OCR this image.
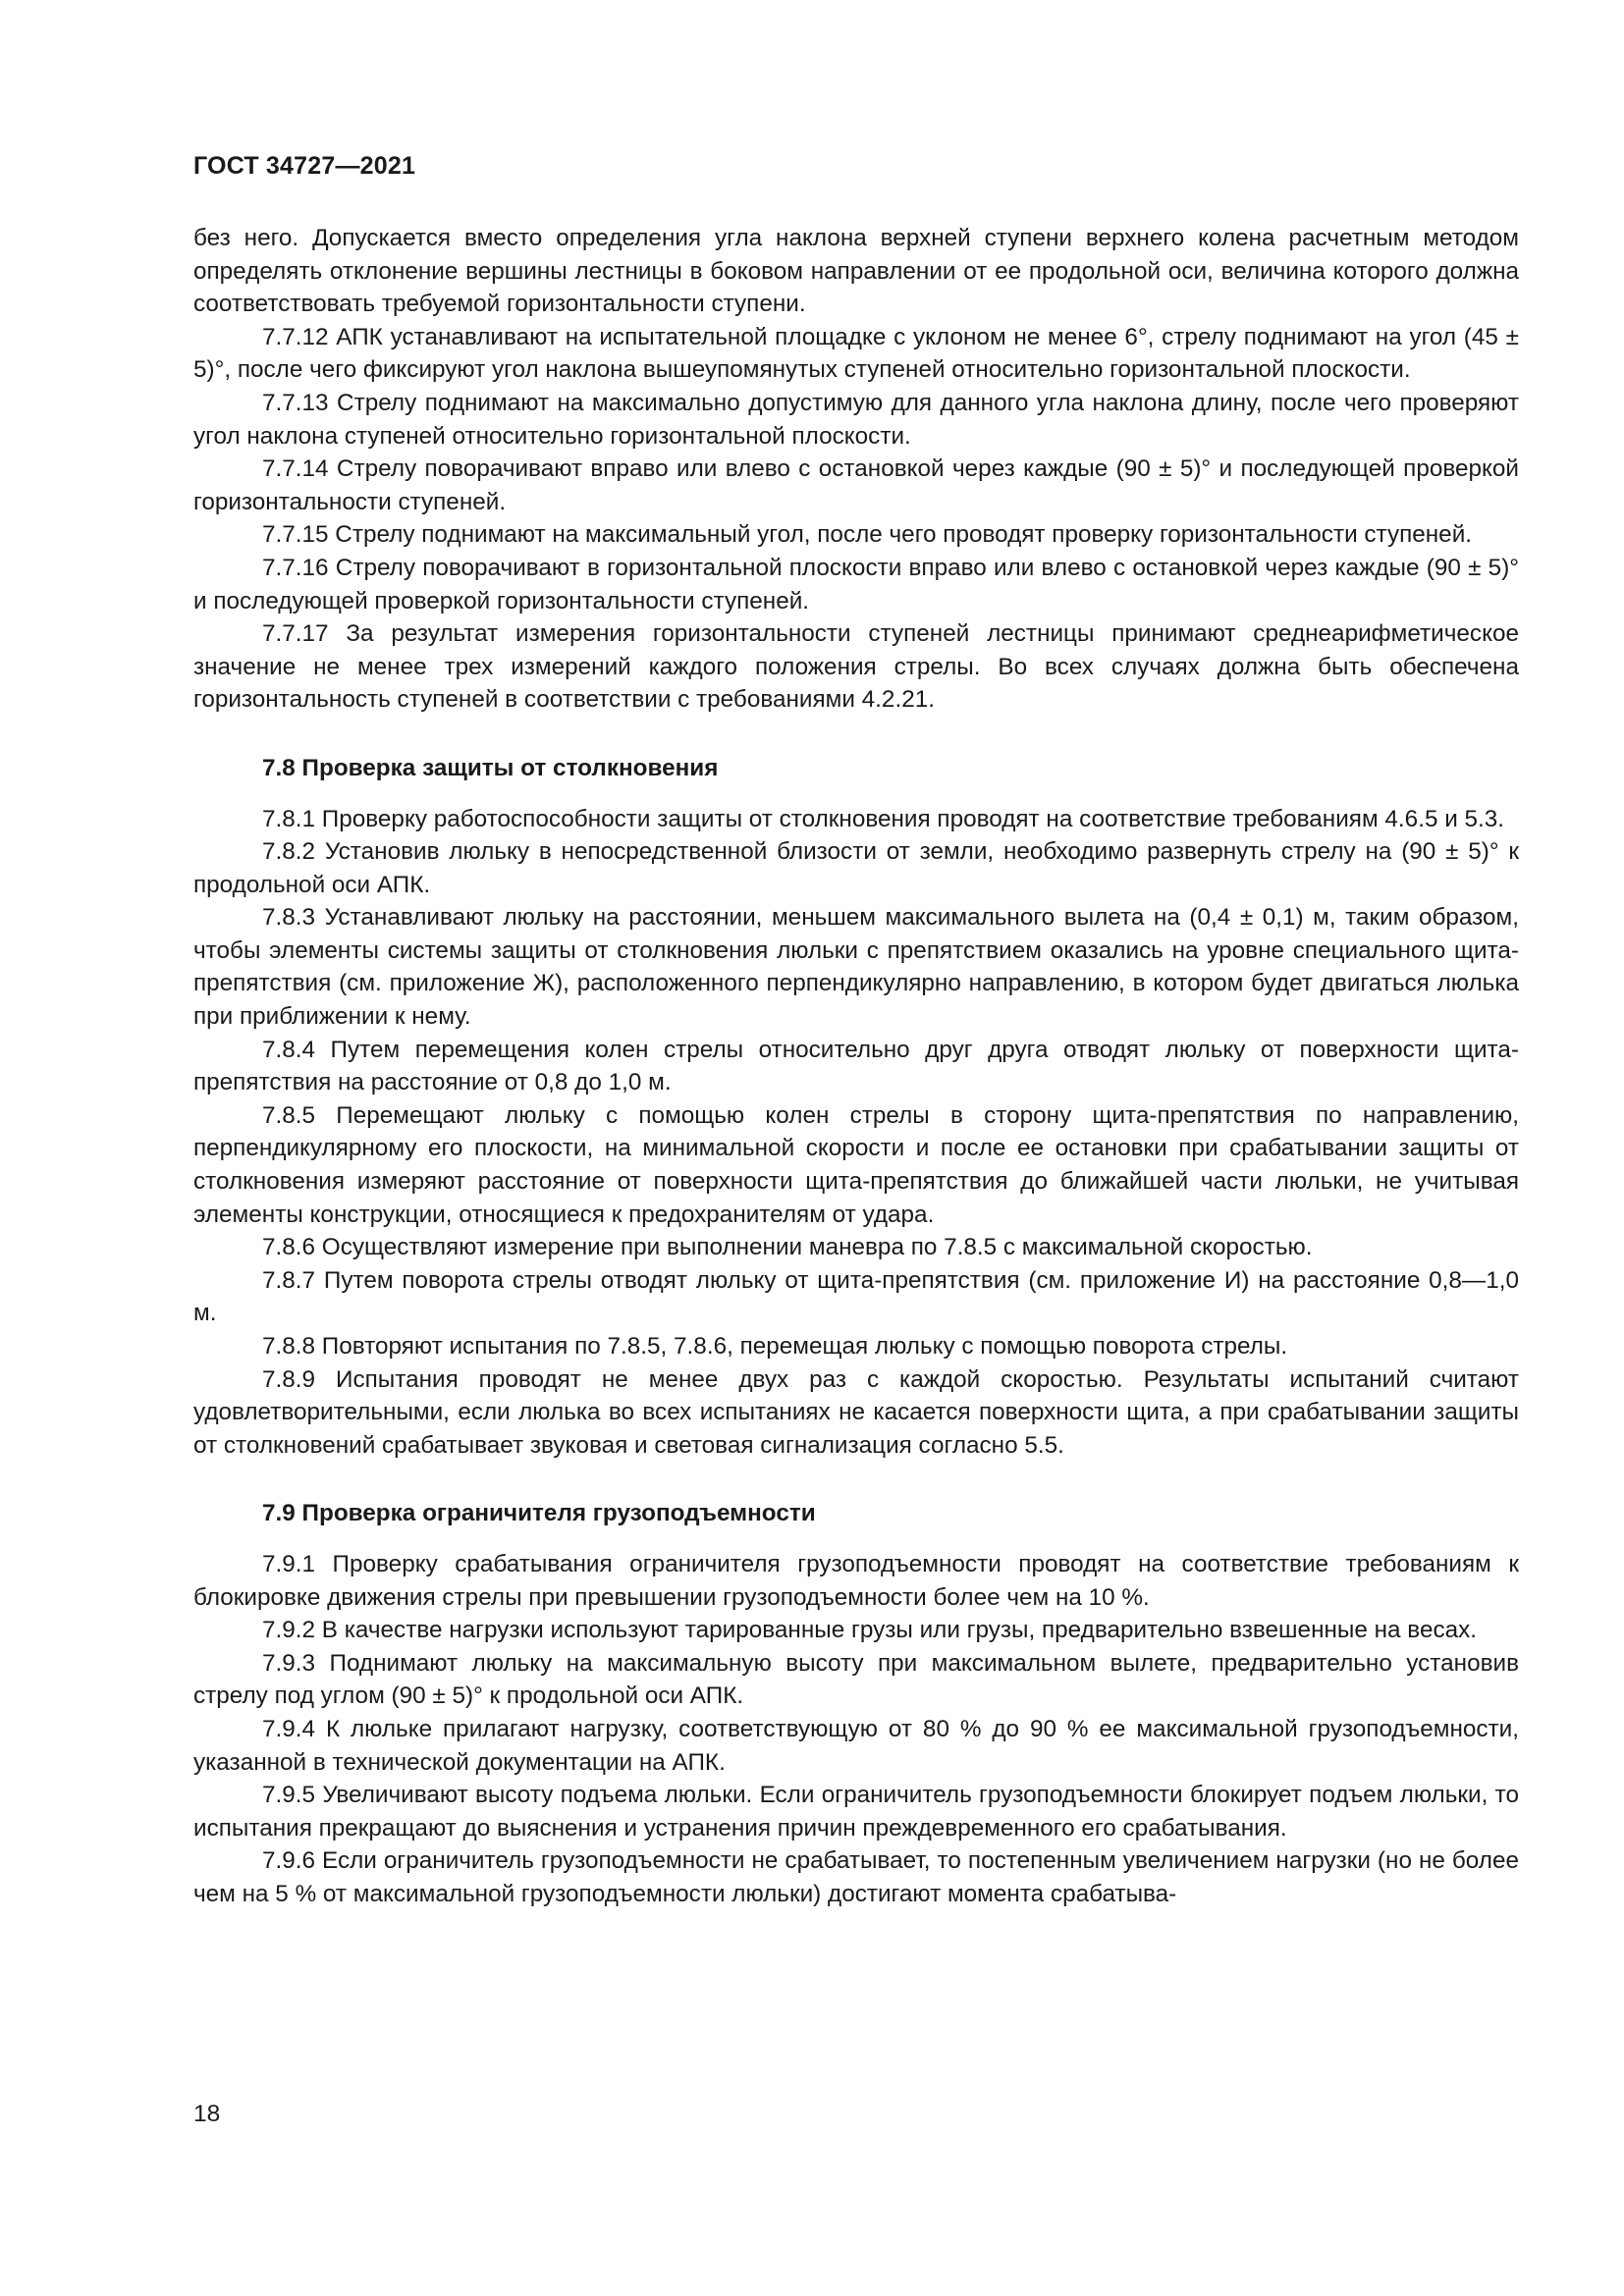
ГОСТ 34727—2021

без него. Допускается вместо определения угла наклона верхней ступени верхнего колена расчетным методом определять отклонение вершины лестницы в боковом направлении от ее продольной оси, величина которого должна соответствовать требуемой горизонтальности ступени.

7.7.12 АПК устанавливают на испытательной площадке с уклоном не менее 6°, стрелу поднимают на угол (45 ± 5)°, после чего фиксируют угол наклона вышеупомянутых ступеней относительно горизонтальной плоскости.

7.7.13 Стрелу поднимают на максимально допустимую для данного угла наклона длину, после чего проверяют угол наклона ступеней относительно горизонтальной плоскости.

7.7.14 Стрелу поворачивают вправо или влево с остановкой через каждые (90 ± 5)° и последующей проверкой горизонтальности ступеней.

7.7.15 Стрелу поднимают на максимальный угол, после чего проводят проверку горизонтальности ступеней.

7.7.16 Стрелу поворачивают в горизонтальной плоскости вправо или влево с остановкой через каждые (90 ± 5)° и последующей проверкой горизонтальности ступеней.

7.7.17 За результат измерения горизонтальности ступеней лестницы принимают среднеарифметическое значение не менее трех измерений каждого положения стрелы. Во всех случаях должна быть обеспечена горизонтальность ступеней в соответствии с требованиями 4.2.21.

7.8 Проверка защиты от столкновения

7.8.1 Проверку работоспособности защиты от столкновения проводят на соответствие требованиям 4.6.5 и 5.3.

7.8.2 Установив люльку в непосредственной близости от земли, необходимо развернуть стрелу на (90 ± 5)° к продольной оси АПК.

7.8.3 Устанавливают люльку на расстоянии, меньшем максимального вылета на (0,4 ± 0,1) м, таким образом, чтобы элементы системы защиты от столкновения люльки с препятствием оказались на уровне специального щита-препятствия (см. приложение Ж), расположенного перпендикулярно направлению, в котором будет двигаться люлька при приближении к нему.

7.8.4 Путем перемещения колен стрелы относительно друг друга отводят люльку от поверхности щита-препятствия на расстояние от 0,8 до 1,0 м.

7.8.5 Перемещают люльку с помощью колен стрелы в сторону щита-препятствия по направлению, перпендикулярному его плоскости, на минимальной скорости и после ее остановки при срабатывании защиты от столкновения измеряют расстояние от поверхности щита-препятствия до ближайшей части люльки, не учитывая элементы конструкции, относящиеся к предохранителям от удара.

7.8.6 Осуществляют измерение при выполнении маневра по 7.8.5 с максимальной скоростью.

7.8.7 Путем поворота стрелы отводят люльку от щита-препятствия (см. приложение И) на расстояние 0,8—1,0 м.

7.8.8 Повторяют испытания по 7.8.5, 7.8.6, перемещая люльку с помощью поворота стрелы.

7.8.9 Испытания проводят не менее двух раз с каждой скоростью. Результаты испытаний считают удовлетворительными, если люлька во всех испытаниях не касается поверхности щита, а при срабатывании защиты от столкновений срабатывает звуковая и световая сигнализация согласно 5.5.

7.9 Проверка ограничителя грузоподъемности

7.9.1 Проверку срабатывания ограничителя грузоподъемности проводят на соответствие требованиям к блокировке движения стрелы при превышении грузоподъемности более чем на 10 %.

7.9.2 В качестве нагрузки используют тарированные грузы или грузы, предварительно взвешенные на весах.

7.9.3 Поднимают люльку на максимальную высоту при максимальном вылете, предварительно установив стрелу под углом (90 ± 5)° к продольной оси АПК.

7.9.4 К люльке прилагают нагрузку, соответствующую от 80 % до 90 % ее максимальной грузоподъемности, указанной в технической документации на АПК.

7.9.5 Увеличивают высоту подъема люльки. Если ограничитель грузоподъемности блокирует подъем люльки, то испытания прекращают до выяснения и устранения причин преждевременного его срабатывания.

7.9.6 Если ограничитель грузоподъемности не срабатывает, то постепенным увеличением нагрузки (но не более чем на 5 % от максимальной грузоподъемности люльки) достигают момента срабатыва-

18
